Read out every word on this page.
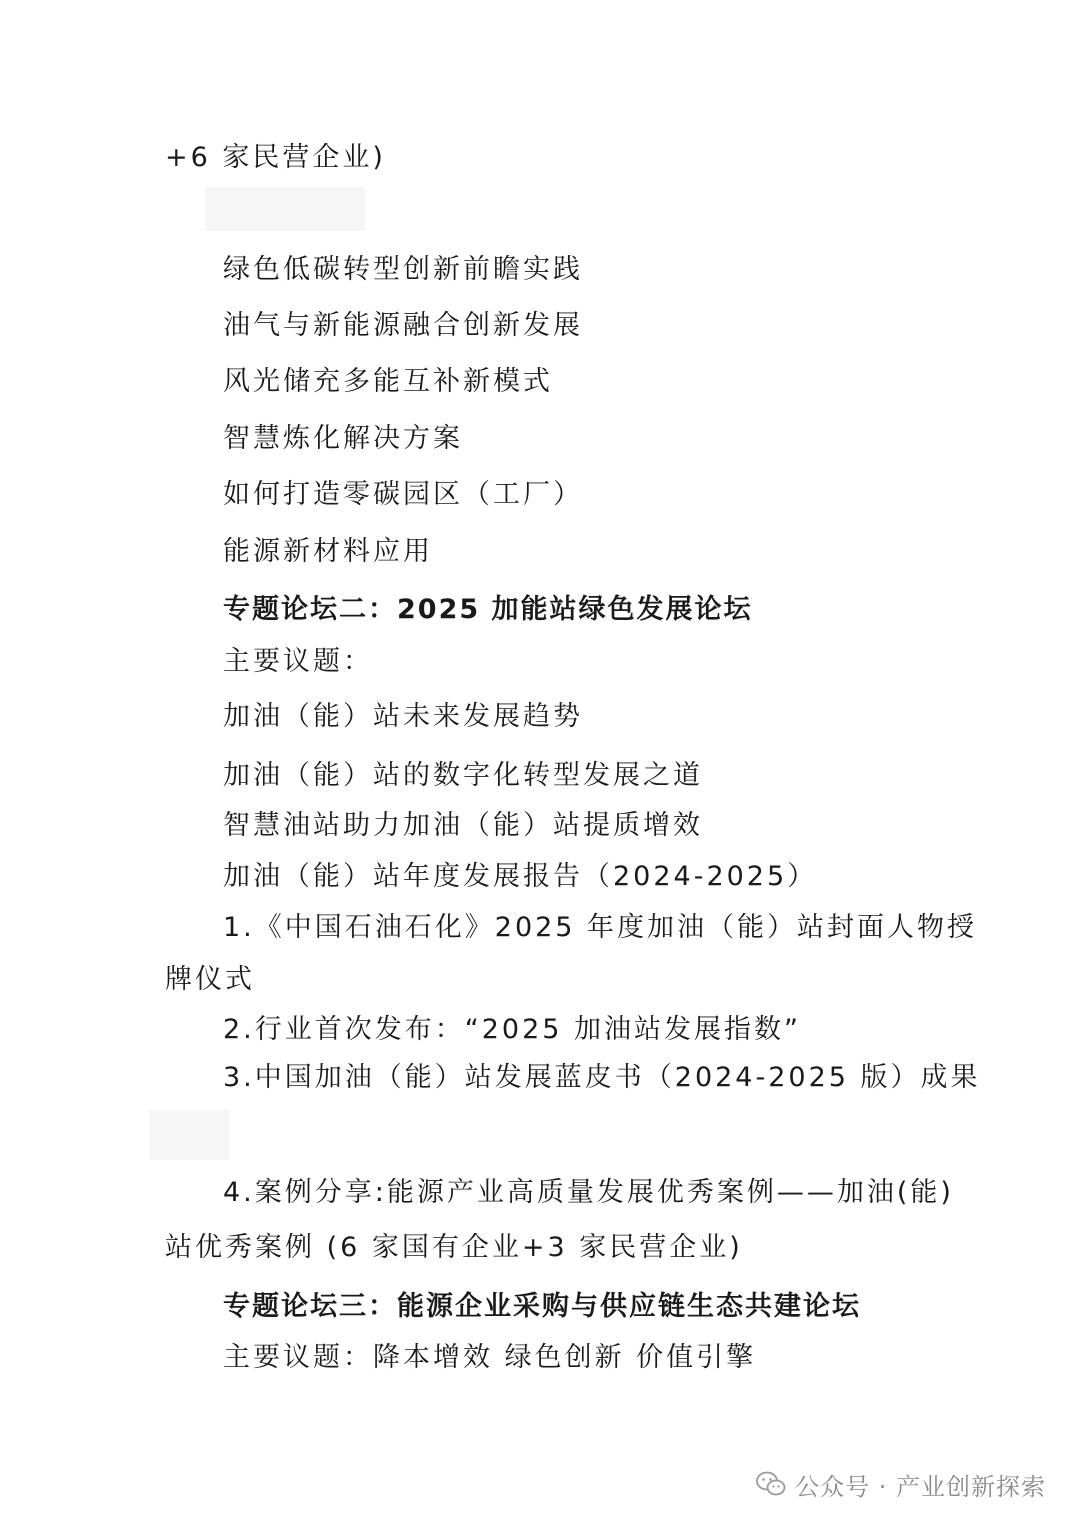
+6 家民营企业)
绿色低碳转型创新前瞻实践
油气与新能源融合创新发展
风光储充多能互补新模式
智慧炼化解决方案
如何打造零碳园区（工厂）
能源新材料应用
专题论坛二：2025 加能站绿色发展论坛
主要议题：
加油（能）站未来发展趋势
加油（能）站的数字化转型发展之道
智慧油站助力加油（能）站提质增效
加油（能）站年度发展报告（2024-2025）
1.《中国石油石化》2025 年度加油（能）站封面人物授
牌仪式
2.行业首次发布：“2025 加油站发展指数”
3.中国加油（能）站发展蓝皮书（2024-2025 版）成果
4.案例分享:能源产业高质量发展优秀案例——加油(能)
站优秀案例 (6 家国有企业+3 家民营企业)
专题论坛三：能源企业采购与供应链生态共建论坛
主要议题：降本增效 绿色创新 价值引擎
公众号 · 产业创新探索
